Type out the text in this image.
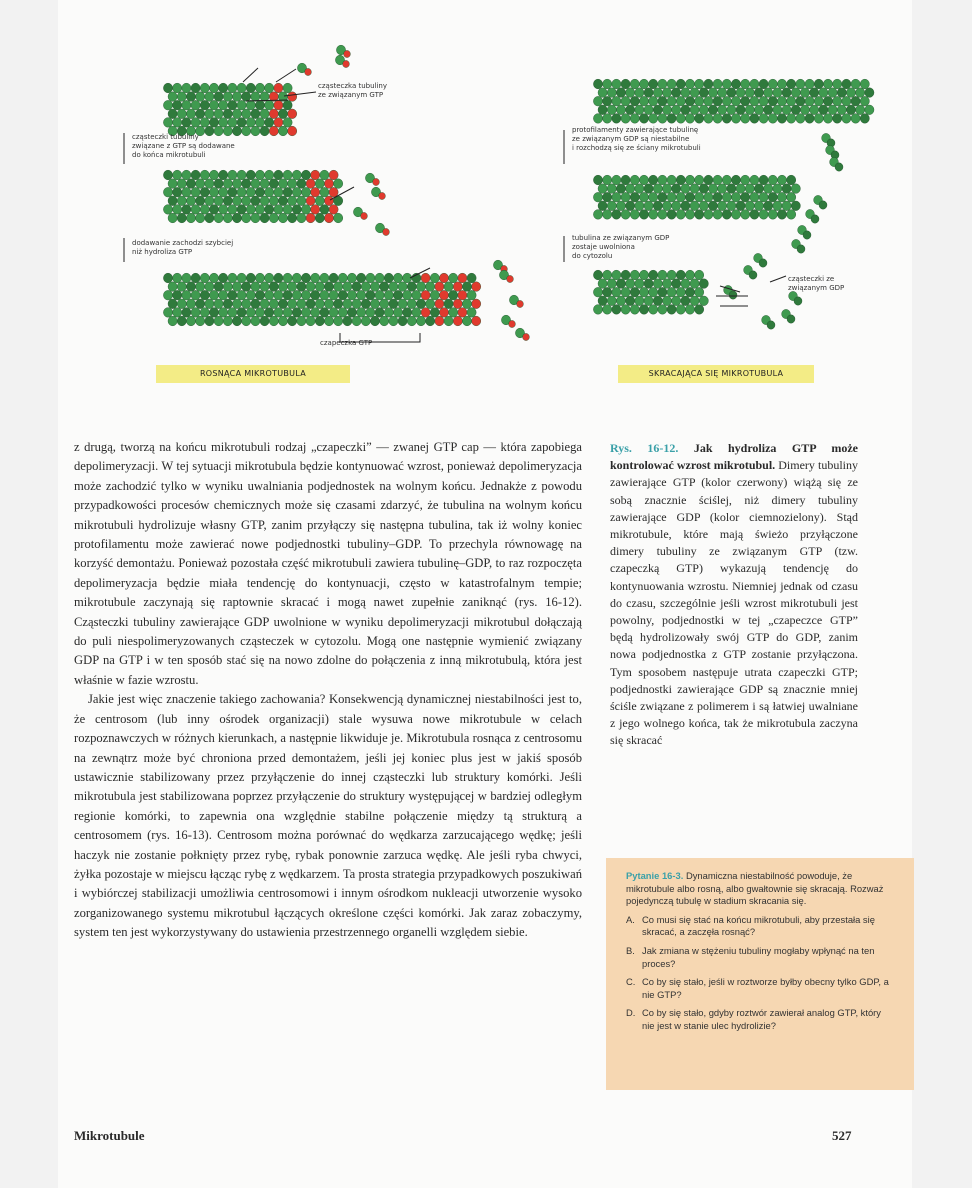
cząsteczka tubuliny
ze związanym GTP
cząsteczki tubuliny
związane z GTP są dodawane
do końca mikrotubuli
dodawanie zachodzi szybciej
niż hydroliza GTP
czapeczka GTP
protofilamenty zawierające tubulinę
ze związanym GDP są niestabilne
i rozchodzą się ze ściany mikrotubuli
tubulina ze związanym GDP
zostaje uwolniona
do cytozolu
cząsteczki ze
związanym GDP
ROSNĄCA MIKROTUBULA	SKRACAJĄCA SIĘ MIKROTUBULA

z drugą, tworzą na końcu mikrotubuli rodzaj „czapeczki” — zwanej GTP cap — która zapobiega depolimeryzacji. W tej sytuacji mikrotubula będzie kontynuować wzrost, ponieważ depolimeryzacja może zachodzić tylko w wyniku uwalniania podjednostek na wolnym końcu. Jednakże z powodu przypadkowości procesów chemicznych może się czasami zdarzyć, że tubulina na wolnym końcu mikrotubuli hydrolizuje własny GTP, zanim przyłączy się następna tubulina, tak iż wolny koniec protofilamentu może zawierać nowe podjednostki tubuliny–GDP. To przechyla równowagę na korzyść demontażu. Ponieważ pozostała część mikrotubuli zawiera tubulinę–GDP, to raz rozpoczęta depolimeryzacja będzie miała tendencję do kontynuacji, często w katastrofalnym tempie; mikrotubule zaczynają się raptownie skracać i mogą nawet zupełnie zaniknąć (rys. 16-12). Cząsteczki tubuliny zawierające GDP uwolnione w wyniku depolimeryzacji mikrotubul dołączają do puli niespolimeryzowanych cząsteczek w cytozolu. Mogą one następnie wymienić związany GDP na GTP i w ten sposób stać się na nowo zdolne do połączenia z inną mikrotubulą, która jest właśnie w fazie wzrostu.

Jakie jest więc znaczenie takiego zachowania? Konsekwencją dynamicznej niestabilności jest to, że centrosom (lub inny ośrodek organizacji) stale wysuwa nowe mikrotubule w celach rozpoznawczych w różnych kierunkach, a następnie likwiduje je. Mikrotubula rosnąca z centrosomu na zewnątrz może być chroniona przed demontażem, jeśli jej koniec plus jest w jakiś sposób ustawicznie stabilizowany przez przyłączenie do innej cząsteczki lub struktury komórki. Jeśli mikrotubula jest stabilizowana poprzez przyłączenie do struktury występującej w bardziej odległym regionie komórki, to zapewnia ona względnie stabilne połączenie między tą strukturą a centrosomem (rys. 16-13). Centrosom można porównać do wędkarza zarzucającego wędkę; jeśli haczyk nie zostanie połknięty przez rybę, rybak ponownie zarzuca wędkę. Ale jeśli ryba chwyci, żyłka pozostaje w miejscu łącząc rybę z wędkarzem. Ta prosta strategia przypadkowych poszukiwań i wybiórczej stabilizacji umożliwia centrosomowi i innym ośrodkom nukleacji utworzenie wysoko zorganizowanego systemu mikrotubul łączących określone części komórki. Jak zaraz zobaczymy, system ten jest wykorzystywany do ustawienia przestrzennego organelli względem siebie.

Rys. 16-12. Jak hydroliza GTP może kontrolować wzrost mikrotubul. Dimery tubuliny zawierające GTP (kolor czerwony) wiążą się ze sobą znacznie ściślej, niż dimery tubuliny zawierające GDP (kolor ciemnozielony). Stąd mikrotubule, które mają świeżo przyłączone dimery tubuliny ze związanym GTP (tzw. czapeczką GTP) wykazują tendencję do kontynuowania wzrostu. Niemniej jednak od czasu do czasu, szczególnie jeśli wzrost mikrotubuli jest powolny, podjednostki w tej „czapeczce GTP” będą hydrolizowały swój GTP do GDP, zanim nowa podjednostka z GTP zostanie przyłączona. Tym sposobem następuje utrata czapeczki GTP; podjednostki zawierające GDP są znacznie mniej ściśle związane z polimerem i są łatwiej uwalniane z jego wolnego końca, tak że mikrotubula zaczyna się skracać
Pytanie 16-3. Dynamiczna niestabilność powoduje, że mikrotubule albo rosną, albo gwałtownie się skracają. Rozważ pojedynczą tubulę w stadium skracania się.
A. Co musi się stać na końcu mikrotubuli, aby przestała się skracać, a zaczęła rosnąć?
B. Jak zmiana w stężeniu tubuliny mogłaby wpłynąć na ten proces?
C. Co by się stało, jeśli w roztworze byłby obecny tylko GDP, a nie GTP?
D. Co by się stało, gdyby roztwór zawierał analog GTP, który nie jest w stanie ulec hydrolizie?
Mikrotubule	527
